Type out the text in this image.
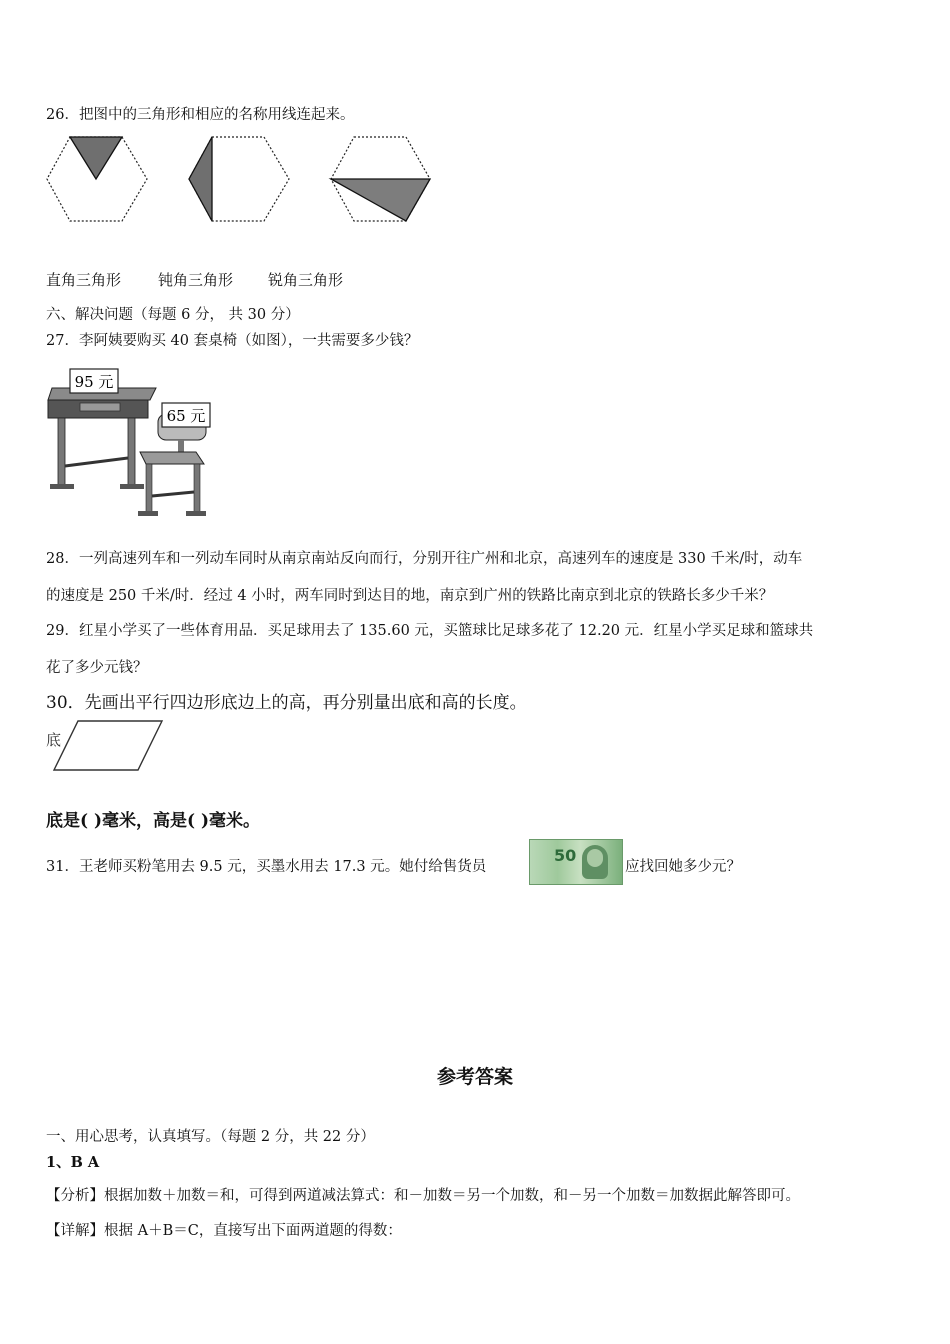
26．把图中的三角形和相应的名称用线连起来。
直角三角形 钝角三角形 锐角三角形
六、解决问题（每题 6 分， 共 30 分）
27．李阿姨要购买 40 套桌椅（如图），一共需要多少钱？
95 元
65 元
28．一列高速列车和一列动车同时从南京南站反向而行，分别开往广州和北京，高速列车的速度是 330 千米/时，动车
的速度是 250 千米/时．经过 4 小时，两车同时到达目的地，南京到广州的铁路比南京到北京的铁路长多少千米？
29．红星小学买了一些体育用品．买足球用去了 135.60 元，买篮球比足球多花了 12.20 元．红星小学买足球和篮球共
花了多少元钱？
30．先画出平行四边形底边上的高，再分别量出底和高的长度。
底
底是( )毫米，高是( )毫米。
31．王老师买粉笔用去 9.5 元，买墨水用去 17.3 元。她付给售货员
50
应找回她多少元？
参考答案
一、用心思考，认真填写。（每题 2 分，共 22 分）
1、B A
【分析】根据加数＋加数＝和，可得到两道减法算式：和－加数＝另一个加数，和－另一个加数＝加数据此解答即可。
【详解】根据 A＋B＝C，直接写出下面两道题的得数：
